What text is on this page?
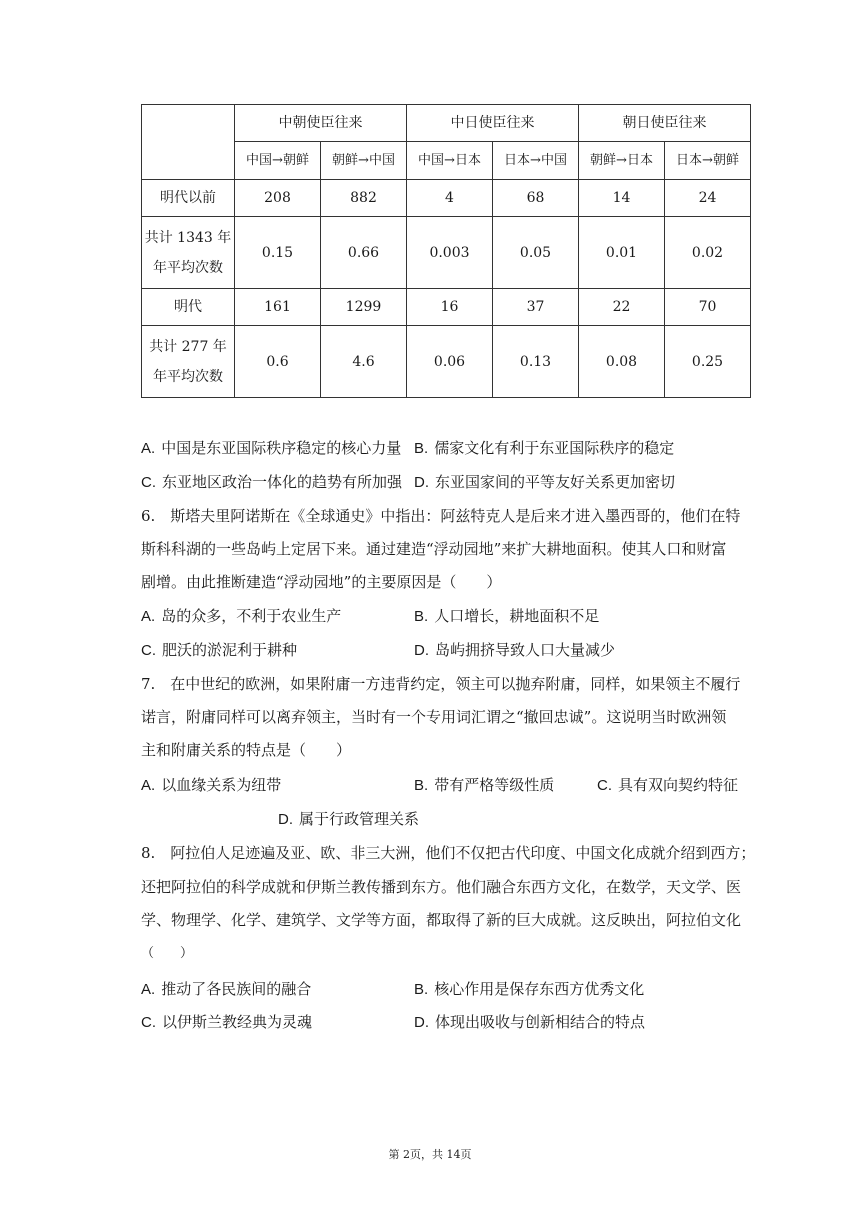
	中朝使臣往来		中日使臣往来		朝日使臣往来	
	中国→朝鲜	朝鲜→中国	中国→日本	日本→中国	朝鲜→日本	日本→朝鲜
明代以前	208	882	4	68	14	24

共计 1343 年
年平均次数	0.15	0.66	0.003	0.05	0.01	0.02
明代	161	1299	16	37	22	70

共计 277 年
年平均次数	0.6	4.6	0.06	0.13	0.08	0.25
A. 中国是东亚国际秩序稳定的核心力量 B. 儒家文化有利于东亚国际秩序的稳定
C. 东亚地区政治一体化的趋势有所加强 D. 东亚国家间的平等友好关系更加密切
6.　斯塔夫里阿诺斯在《全球通史》中指出：阿兹特克人是后来才进入墨西哥的，他们在特
斯科科湖的一些岛屿上定居下来。通过建造“浮动园地”来扩大耕地面积。使其人口和财富
剧增。由此推断建造“浮动园地”的主要原因是（　　）
A. 岛的众多，不利于农业生产	B. 人口增长，耕地面积不足
C. 肥沃的淤泥利于耕种	D. 岛屿拥挤导致人口大量减少
7.　在中世纪的欧洲，如果附庸一方违背约定，领主可以抛弃附庸，同样，如果领主不履行
诺言，附庸同样可以离弃领主，当时有一个专用词汇谓之“撤回忠诚”。这说明当时欧洲领
主和附庸关系的特点是（　　）
A. 以血缘关系为纽带	B. 带有严格等级性质	C. 具有双向契约特征
D. 属于行政管理关系
8.　阿拉伯人足迹遍及亚、欧、非三大洲，他们不仅把古代印度、中国文化成就介绍到西方；
还把阿拉伯的科学成就和伊斯兰教传播到东方。他们融合东西方文化，在数学，天文学、医
学、物理学、化学、建筑学、文学等方面，都取得了新的巨大成就。这反映出，阿拉伯文化
（　　）
A. 推动了各民族间的融合	B. 核心作用是保存东西方优秀文化
C. 以伊斯兰教经典为灵魂	D. 体现出吸收与创新相结合的特点
第 2页，共 14页
